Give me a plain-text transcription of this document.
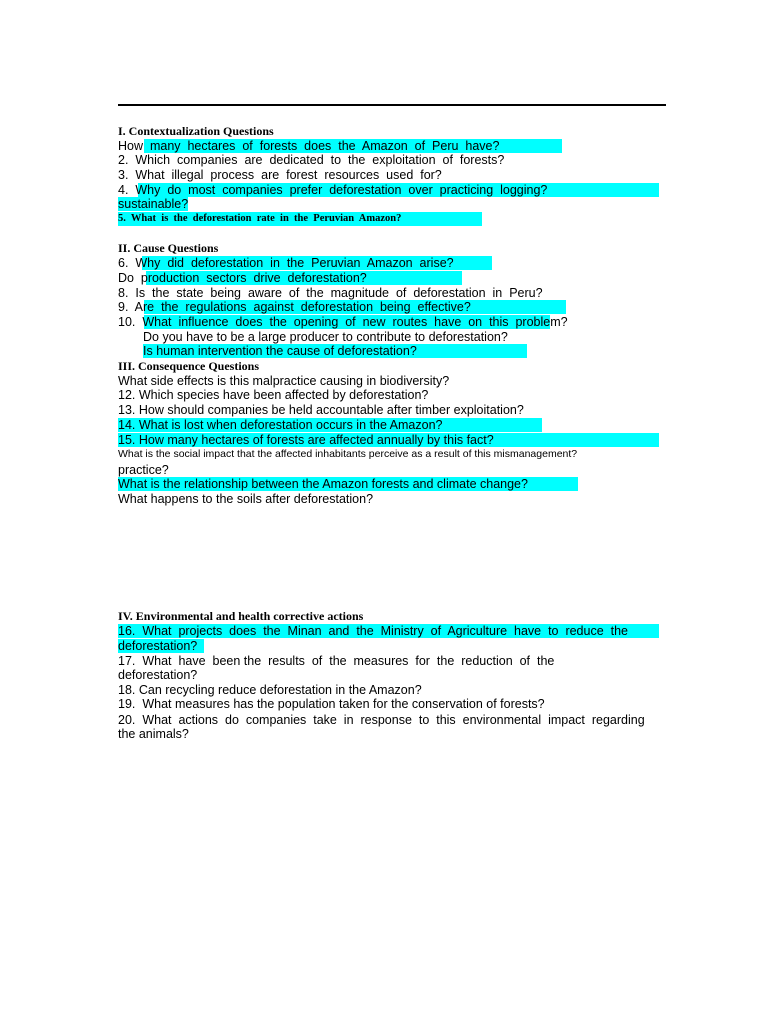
I. Contextualization Questions
How  many  hectares  of  forests  does  the  Amazon  of  Peru  have?
2.  Which  companies  are  dedicated  to  the  exploitation  of  forests?
3.  What  illegal  process  are  forest  resources  used  for?
4.  Why  do  most  companies  prefer  deforestation  over  practicing  logging?
sustainable?
5.  What  is  the  deforestation  rate  in  the  Peruvian  Amazon?
II. Cause Questions
6.  Why  did  deforestation  in  the  Peruvian  Amazon  arise?
Do  production  sectors  drive  deforestation?
8.  Is  the  state  being  aware  of  the  magnitude  of  deforestation  in  Peru?
9.  Are  the  regulations  against  deforestation  being  effective?
10.  What  influence  does  the  opening  of  new  routes  have  on  this  problem?
Do you have to be a large producer to contribute to deforestation?
Is human intervention the cause of deforestation?
III. Consequence Questions
What side effects is this malpractice causing in biodiversity?
12. Which species have been affected by deforestation?
13. How should companies be held accountable after timber exploitation?
14. What is lost when deforestation occurs in the Amazon?
15. How many hectares of forests are affected annually by this fact?
What is the social impact that the affected inhabitants perceive as a result of this mismanagement?
practice?
What is the relationship between the Amazon forests and climate change?
What happens to the soils after deforestation?
IV. Environmental and health corrective actions
16.  What  projects  does  the  Minan  and  the  Ministry  of  Agriculture  have  to  reduce  the
deforestation?
17.  What  have  been the  results  of  the  measures  for  the  reduction  of  the
deforestation?
18. Can recycling reduce deforestation in the Amazon?
19.  What measures has the population taken for the conservation of forests?
20.  What  actions  do  companies  take  in  response  to  this  environmental  impact  regarding
the animals?
